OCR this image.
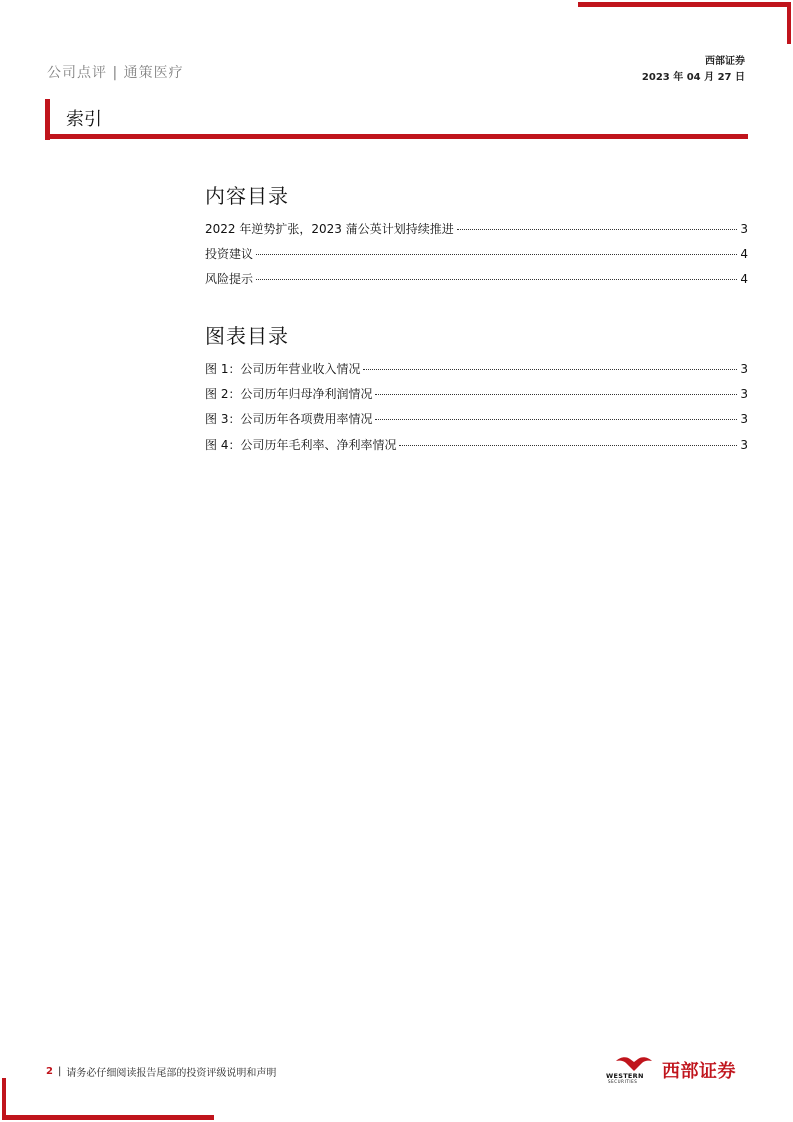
公司点评 | 通策医疗
西部证券
2023 年 04 月 27 日
索引
内容目录
2022 年逆势扩张，2023 蒲公英计划持续推进	3
投资建议	4
风险提示	4
图表目录
图 1：公司历年营业收入情况	3
图 2：公司历年归母净利润情况	3
图 3：公司历年各项费用率情况	3
图 4：公司历年毛利率、净利率情况	3
2 | 请务必仔细阅读报告尾部的投资评级说明和声明	WESTERN
SECURITIES 西部证券
